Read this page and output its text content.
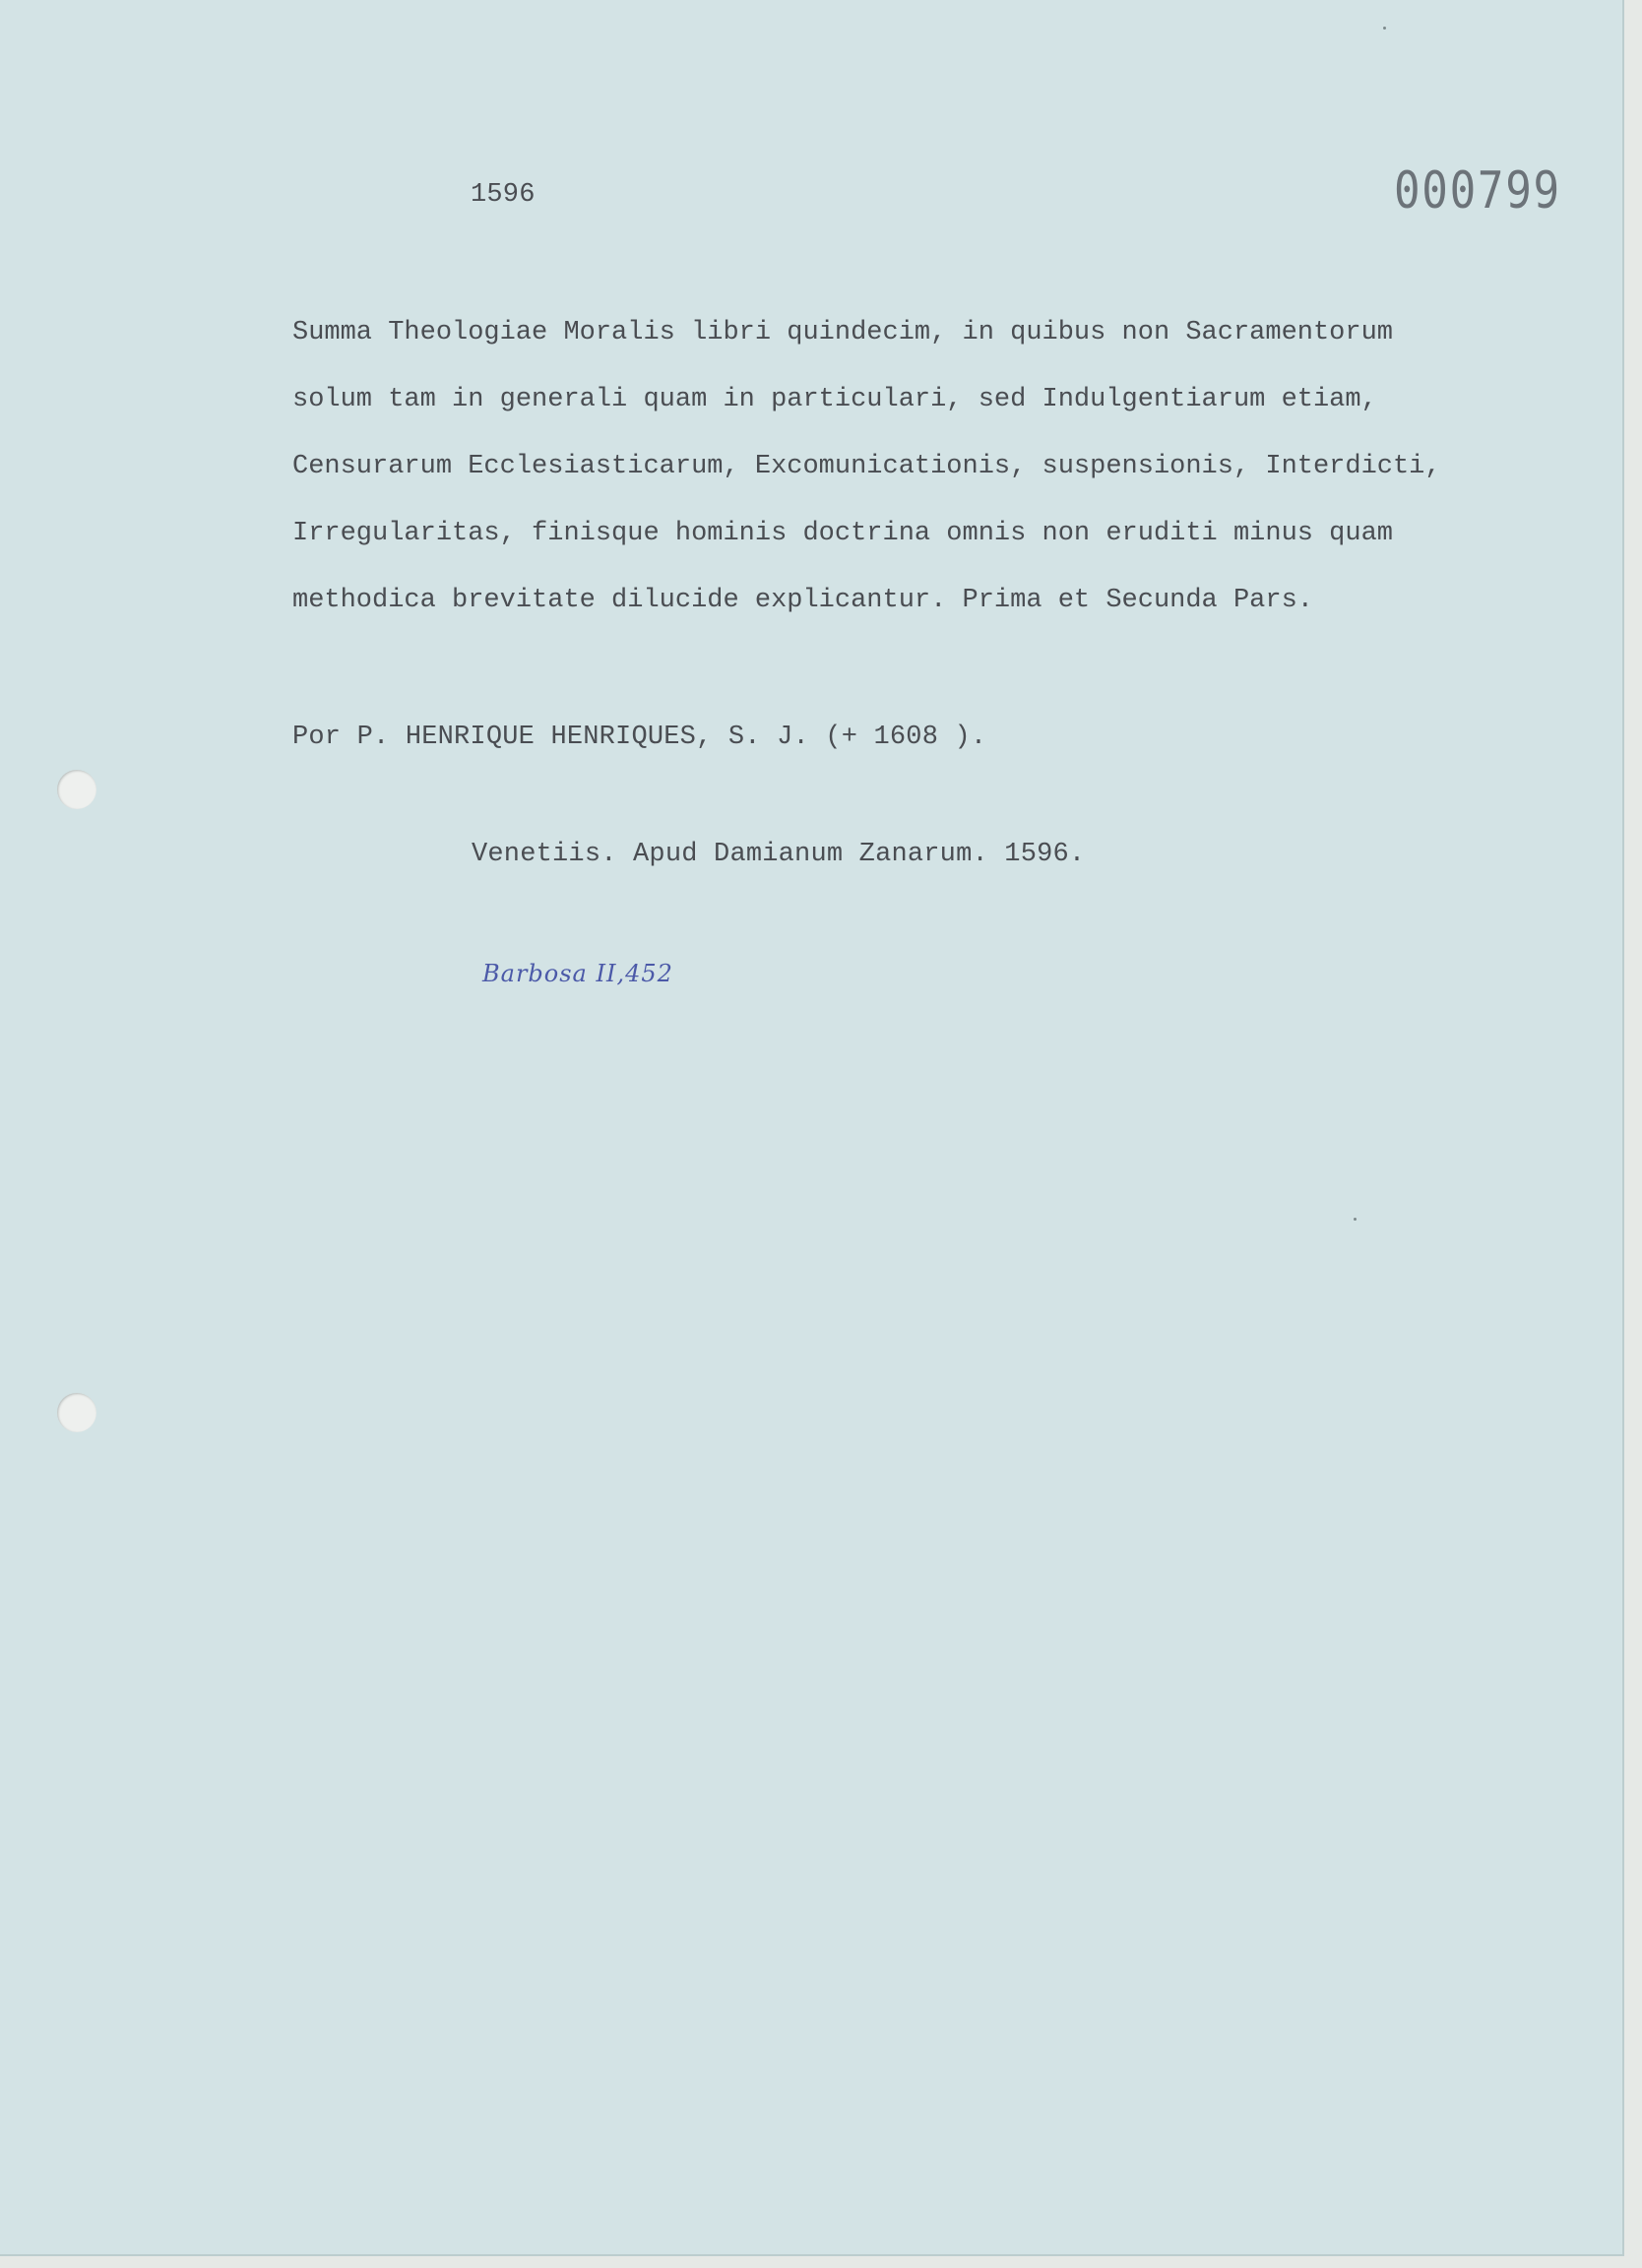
1596	000799
Summa Theologiae Moralis libri quindecim, in quibus non Sacramentorum
solum tam in generali quam in particulari, sed Indulgentiarum etiam,
Censurarum Ecclesiasticarum, Excomunicationis, suspensionis, Interdicti,
Irregularitas, finisque hominis doctrina omnis non eruditi minus quam
methodica brevitate dilucide explicantur. Prima et Secunda Pars.
Por P. HENRIQUE HENRIQUES, S. J. (+ 1608 ).
Venetiis. Apud Damianum Zanarum. 1596.
Barbosa II,452
